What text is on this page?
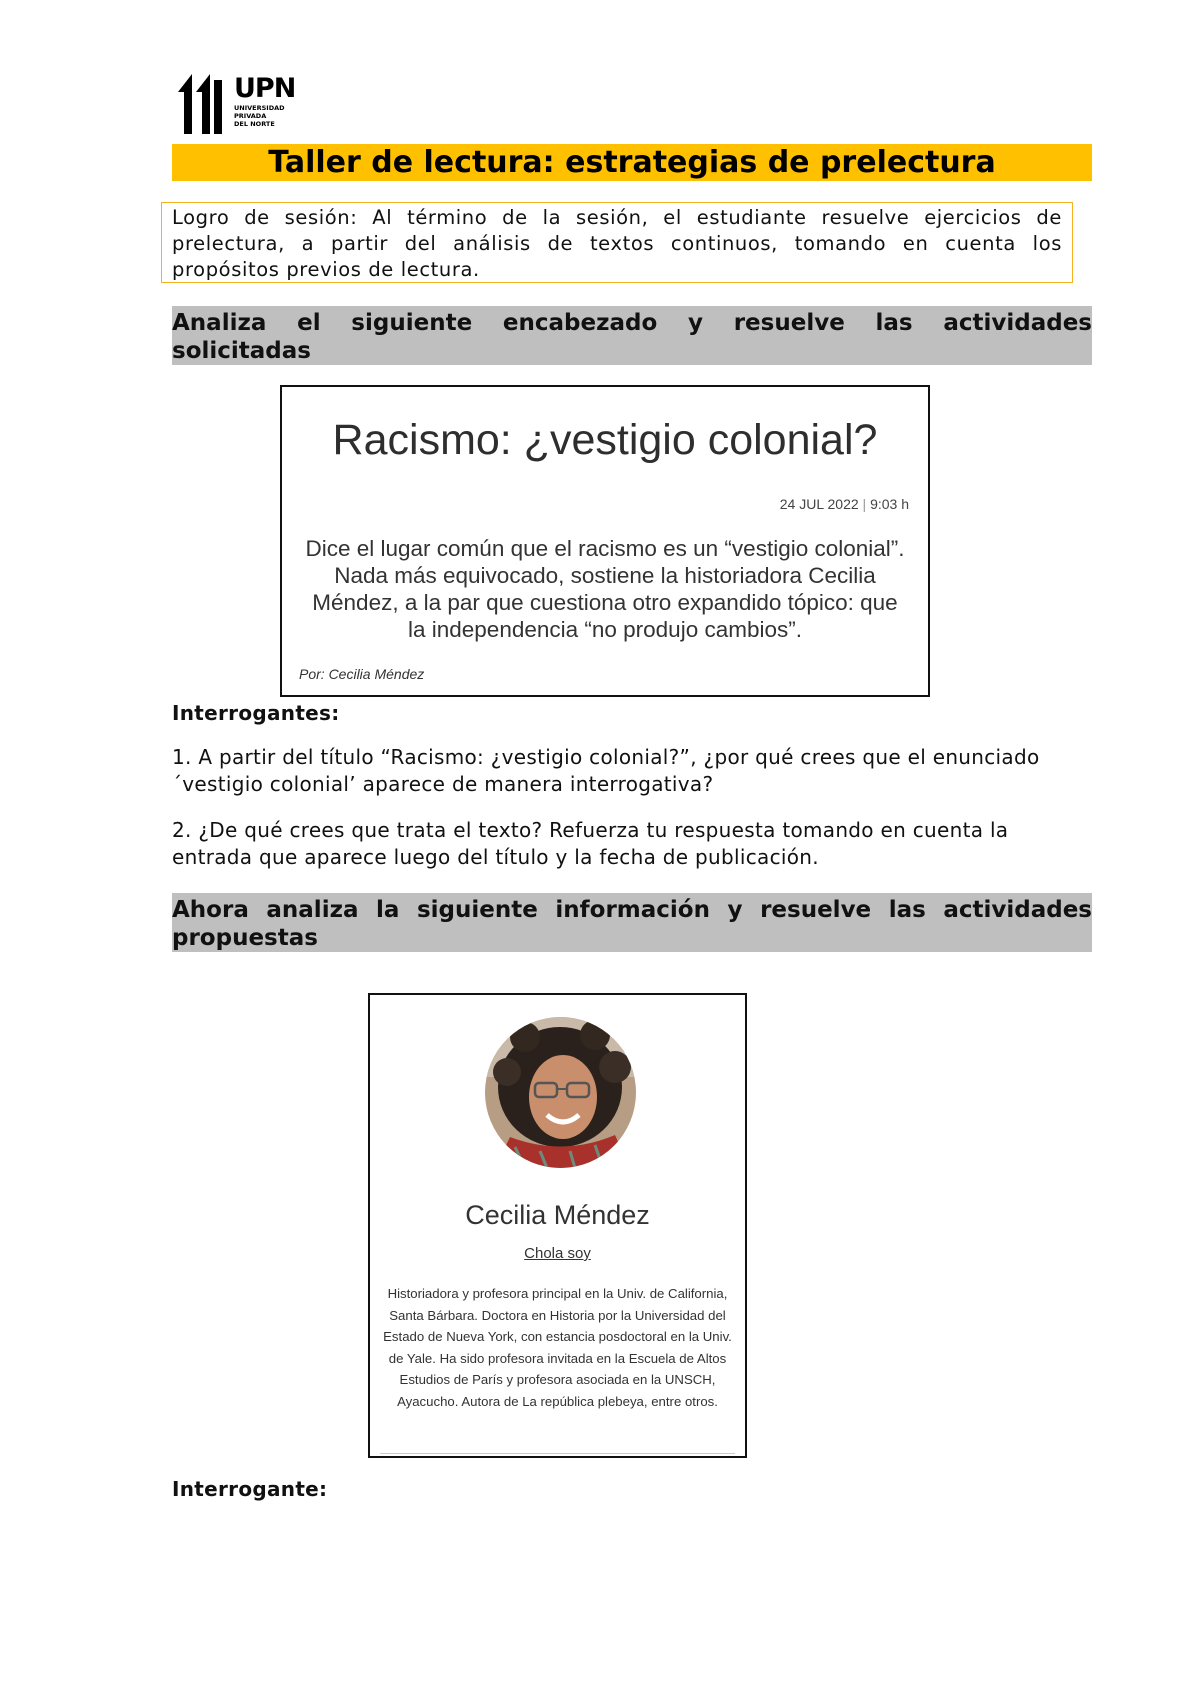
UPN
UNIVERSIDAD
PRIVADA
DEL NORTE
Taller de lectura: estrategias de prelectura
Logro de sesión: Al término de la sesión, el estudiante resuelve ejercicios de prelectura, a partir del análisis de textos continuos, tomando en cuenta los propósitos previos de lectura.
Analiza el siguiente encabezado y resuelve las actividades solicitadas
Racismo: ¿vestigio colonial?
24 JUL 2022 | 9:03 h
Dice el lugar común que el racismo es un “vestigio colonial”. Nada más equivocado, sostiene la historiadora Cecilia Méndez, a la par que cuestiona otro expandido tópico: que la independencia “no produjo cambios”.
Por: Cecilia Méndez
Interrogantes:
1. A partir del título “Racismo: ¿vestigio colonial?”, ¿por qué crees que el enunciado ´vestigio colonial’ aparece de manera interrogativa?
2. ¿De qué crees que trata el texto? Refuerza tu respuesta tomando en cuenta la entrada que aparece luego del título y la fecha de publicación.
Ahora analiza la siguiente información y resuelve las actividades propuestas
Cecilia Méndez
Chola soy
Historiadora y profesora principal en la Univ. de California, Santa Bárbara. Doctora en Historia por la Universidad del Estado de Nueva York, con estancia posdoctoral en la Univ. de Yale. Ha sido profesora invitada en la Escuela de Altos Estudios de París y profesora asociada en la UNSCH, Ayacucho. Autora de La república plebeya, entre otros.
Interrogante:
